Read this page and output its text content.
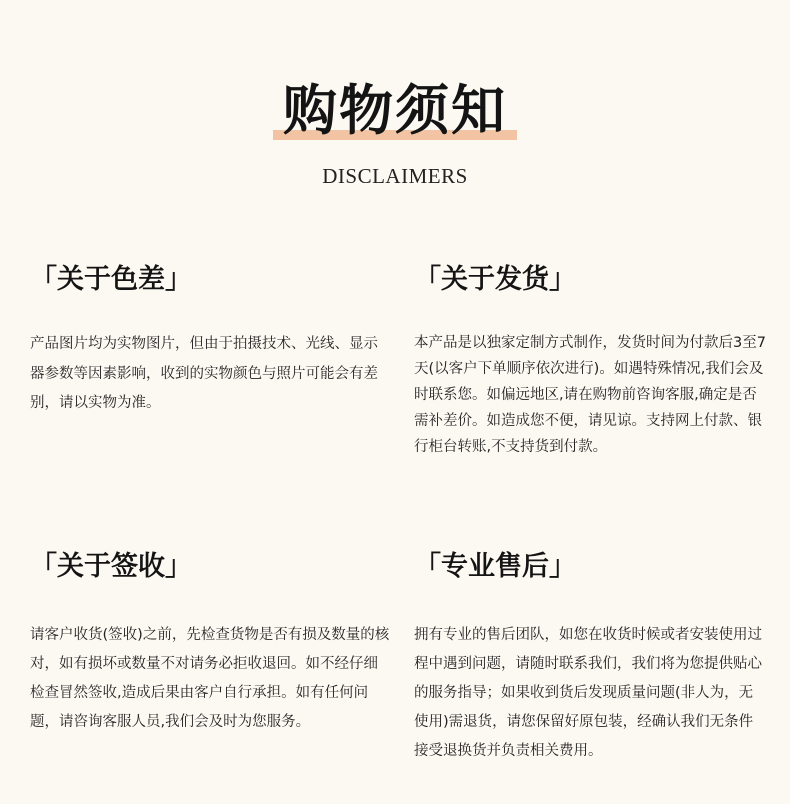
购物须知
DISCLAIMERS
「关于色差」

产品图片均为实物图片，但由于拍摄技术、光线、显示器参数等因素影响，收到的实物颜色与照片可能会有差别，请以实物为准。

「关于发货」

本产品是以独家定制方式制作，发货时间为付款后3至7天(以客户下单顺序依次进行)。如遇特殊情况,我们会及时联系您。如偏远地区,请在购物前咨询客服,确定是否需补差价。如造成您不便，请见谅。支持网上付款、银行柜台转账,不支持货到付款。

「关于签收」

请客户收货(签收)之前，先检查货物是否有损及数量的核对，如有损坏或数量不对请务必拒收退回。如不经仔细检查冒然签收,造成后果由客户自行承担。如有任何问题，请咨询客服人员,我们会及时为您服务。

「专业售后」

拥有专业的售后团队，如您在收货时候或者安装使用过程中遇到问题，请随时联系我们，我们将为您提供贴心的服务指导；如果收到货后发现质量问题(非人为，无使用)需退货，请您保留好原包装，经确认我们无条件接受退换货并负责相关费用。
